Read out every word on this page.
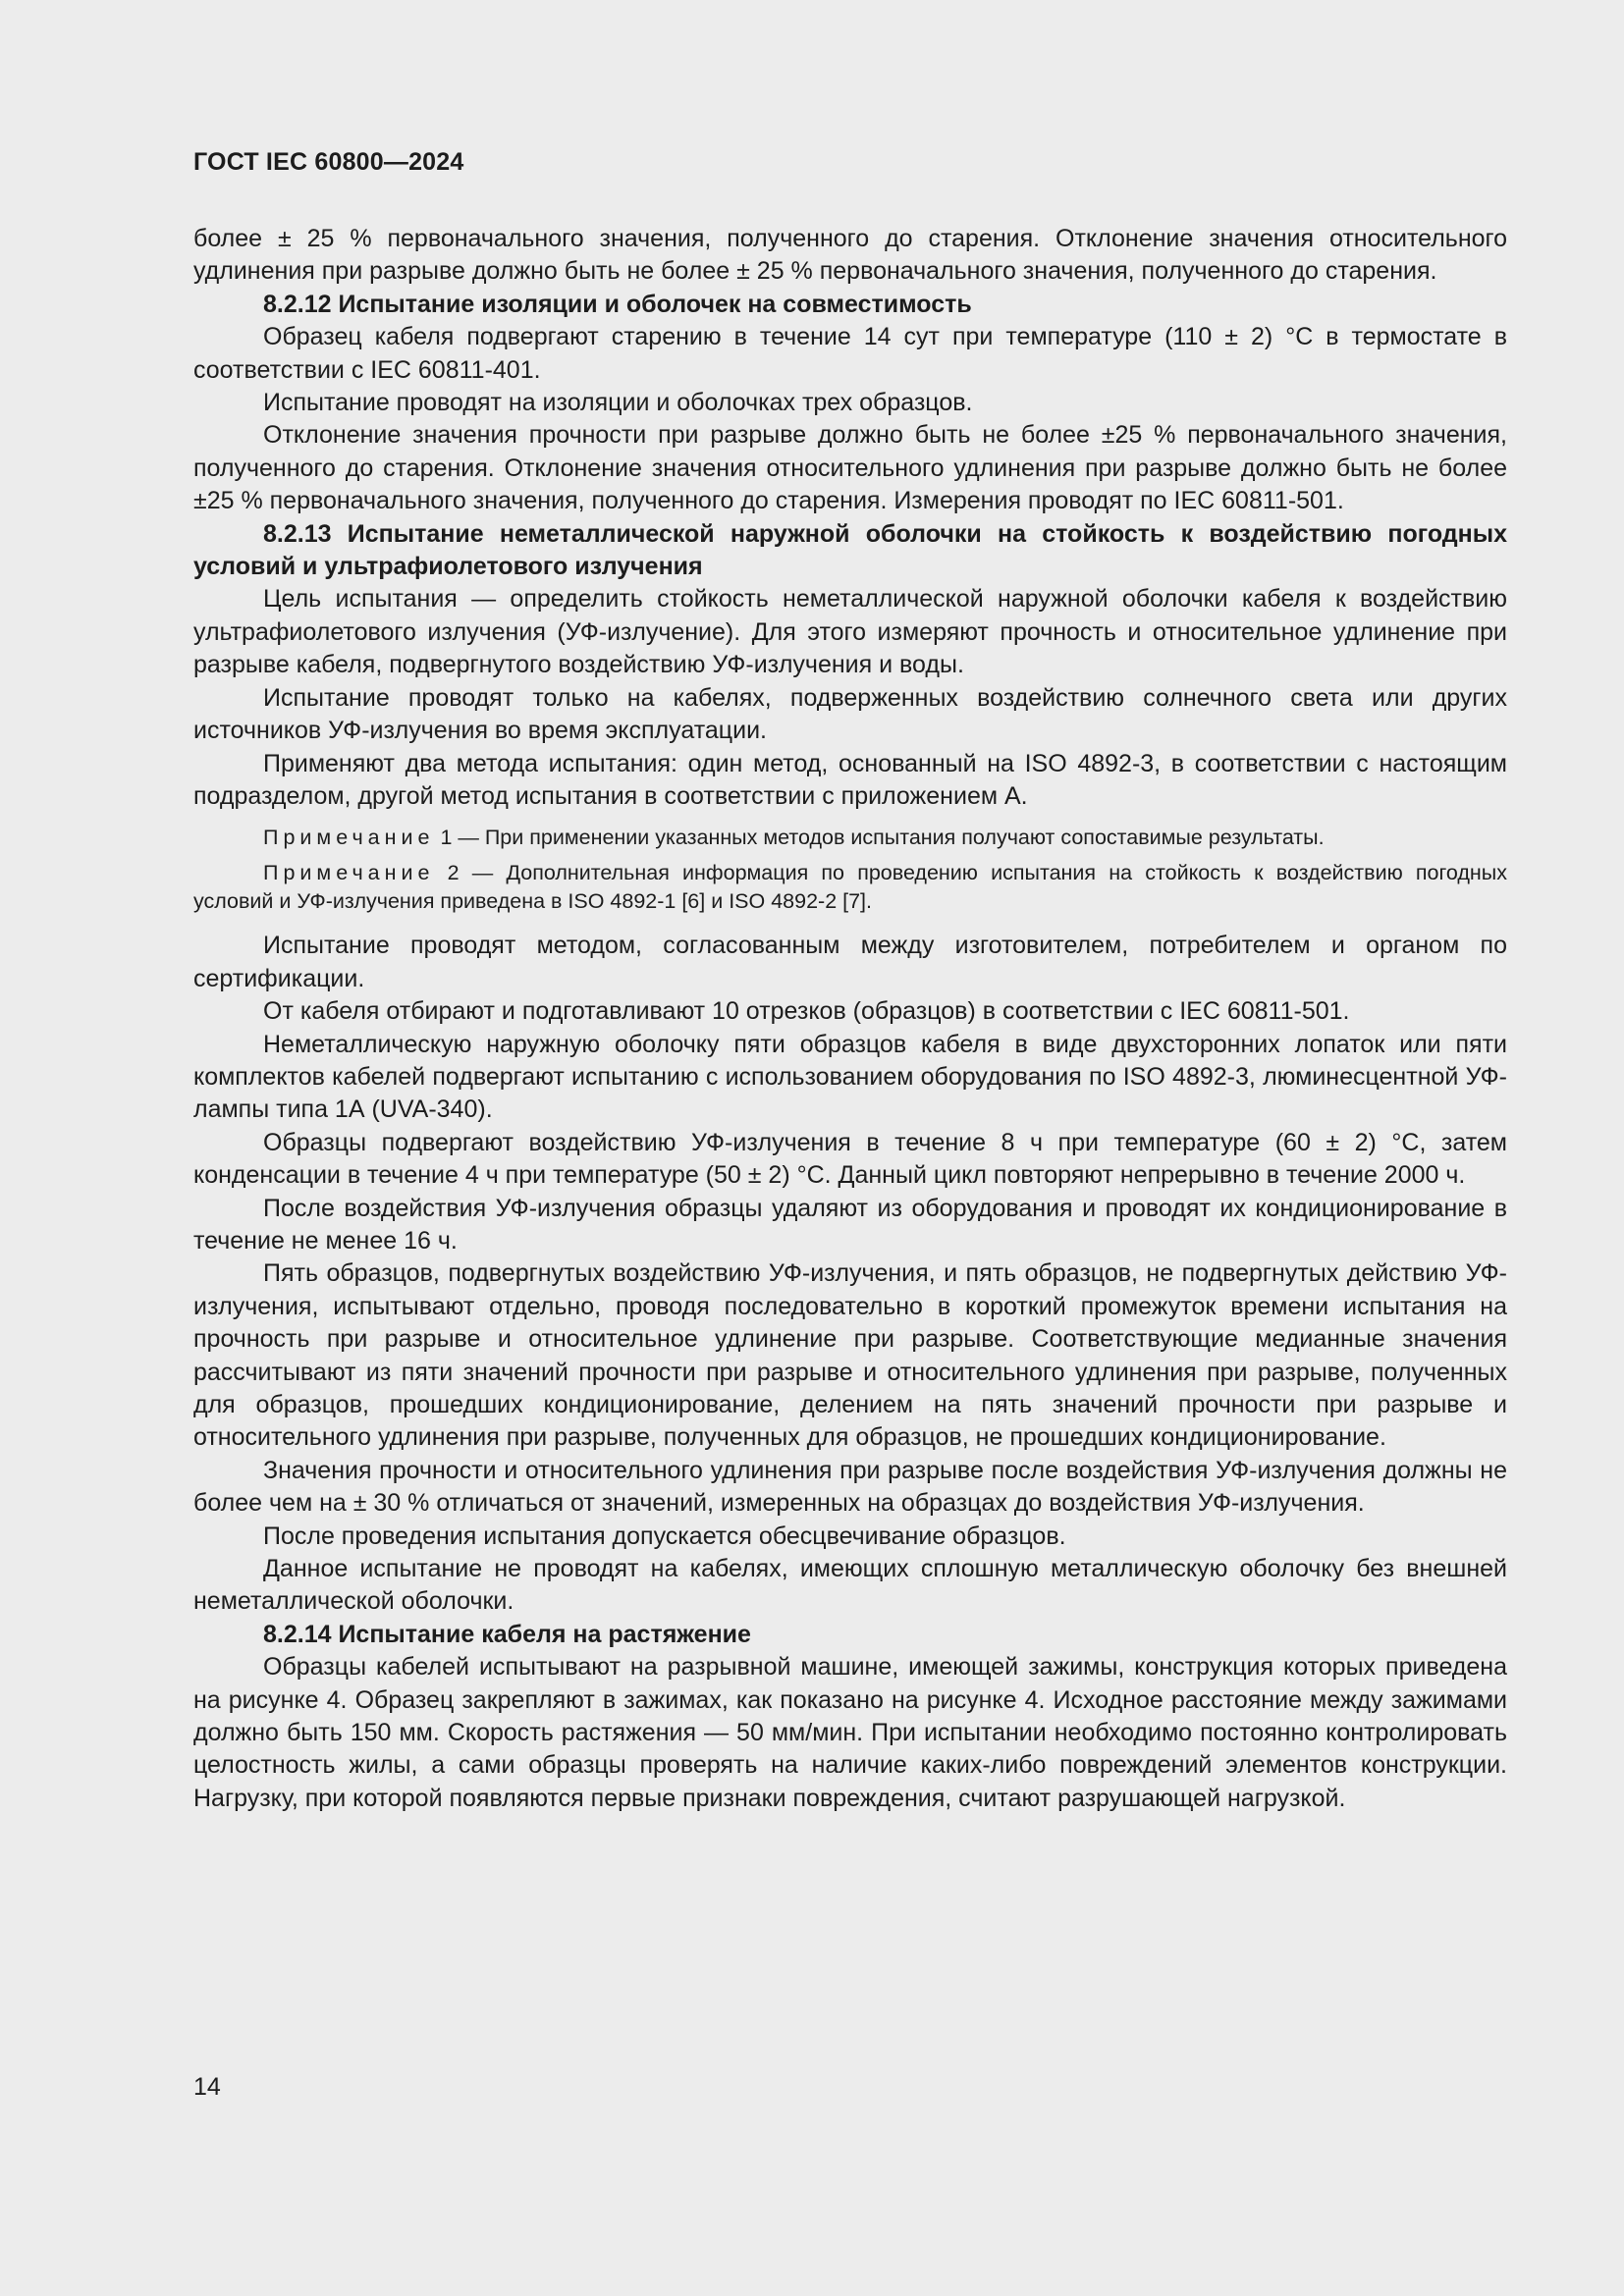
ГОСТ IEC 60800—2024

более ± 25 % первоначального значения, полученного до старения. Отклонение значения относительного удлинения при разрыве должно быть не более ± 25 % первоначального значения, полученного до старения.

8.2.12 Испытание изоляции и оболочек на совместимость

Образец кабеля подвергают старению в течение 14 сут при температуре (110 ± 2) °С в термостате в соответствии с IEC 60811-401.

Испытание проводят на изоляции и оболочках трех образцов.

Отклонение значения прочности при разрыве должно быть не более ±25 % первоначального значения, полученного до старения. Отклонение значения относительного удлинения при разрыве должно быть не более ±25 % первоначального значения, полученного до старения. Измерения проводят по IEC 60811-501.

8.2.13 Испытание неметаллической наружной оболочки на стойкость к воздействию погодных условий и ультрафиолетового излучения

Цель испытания — определить стойкость неметаллической наружной оболочки кабеля к воздействию ультрафиолетового излучения (УФ-излучение). Для этого измеряют прочность и относительное удлинение при разрыве кабеля, подвергнутого воздействию УФ-излучения и воды.

Испытание проводят только на кабелях, подверженных воздействию солнечного света или других источников УФ-излучения во время эксплуатации.

Применяют два метода испытания: один метод, основанный на ISO 4892-3, в соответствии с настоящим подразделом, другой метод испытания в соответствии с приложением А.

Примечание 1 — При применении указанных методов испытания получают сопоставимые результаты.

Примечание 2 — Дополнительная информация по проведению испытания на стойкость к воздействию погодных условий и УФ-излучения приведена в ISO 4892-1 [6] и ISO 4892-2 [7].

Испытание проводят методом, согласованным между изготовителем, потребителем и органом по сертификации.

От кабеля отбирают и подготавливают 10 отрезков (образцов) в соответствии с IEC 60811-501.

Неметаллическую наружную оболочку пяти образцов кабеля в виде двухсторонних лопаток или пяти комплектов кабелей подвергают испытанию с использованием оборудования по ISO 4892-3, люминесцентной УФ-лампы типа 1А (UVA-340).

Образцы подвергают воздействию УФ-излучения в течение 8 ч при температуре (60 ± 2) °С, затем конденсации в течение 4 ч при температуре (50 ± 2) °С. Данный цикл повторяют непрерывно в течение 2000 ч.

После воздействия УФ-излучения образцы удаляют из оборудования и проводят их кондиционирование в течение не менее 16 ч.

Пять образцов, подвергнутых воздействию УФ-излучения, и пять образцов, не подвергнутых действию УФ-излучения, испытывают отдельно, проводя последовательно в короткий промежуток времени испытания на прочность при разрыве и относительное удлинение при разрыве. Соответствующие медианные значения рассчитывают из пяти значений прочности при разрыве и относительного удлинения при разрыве, полученных для образцов, прошедших кондиционирование, делением на пять значений прочности при разрыве и относительного удлинения при разрыве, полученных для образцов, не прошедших кондиционирование.

Значения прочности и относительного удлинения при разрыве после воздействия УФ-излучения должны не более чем на ± 30 % отличаться от значений, измеренных на образцах до воздействия УФ-излучения.

После проведения испытания допускается обесцвечивание образцов.

Данное испытание не проводят на кабелях, имеющих сплошную металлическую оболочку без внешней неметаллической оболочки.

8.2.14 Испытание кабеля на растяжение

Образцы кабелей испытывают на разрывной машине, имеющей зажимы, конструкция которых приведена на рисунке 4. Образец закрепляют в зажимах, как показано на рисунке 4. Исходное расстояние между зажимами должно быть 150 мм. Скорость растяжения — 50 мм/мин. При испытании необходимо постоянно контролировать целостность жилы, а сами образцы проверять на наличие каких-либо повреждений элементов конструкции. Нагрузку, при которой появляются первые признаки повреждения, считают разрушающей нагрузкой.

14
